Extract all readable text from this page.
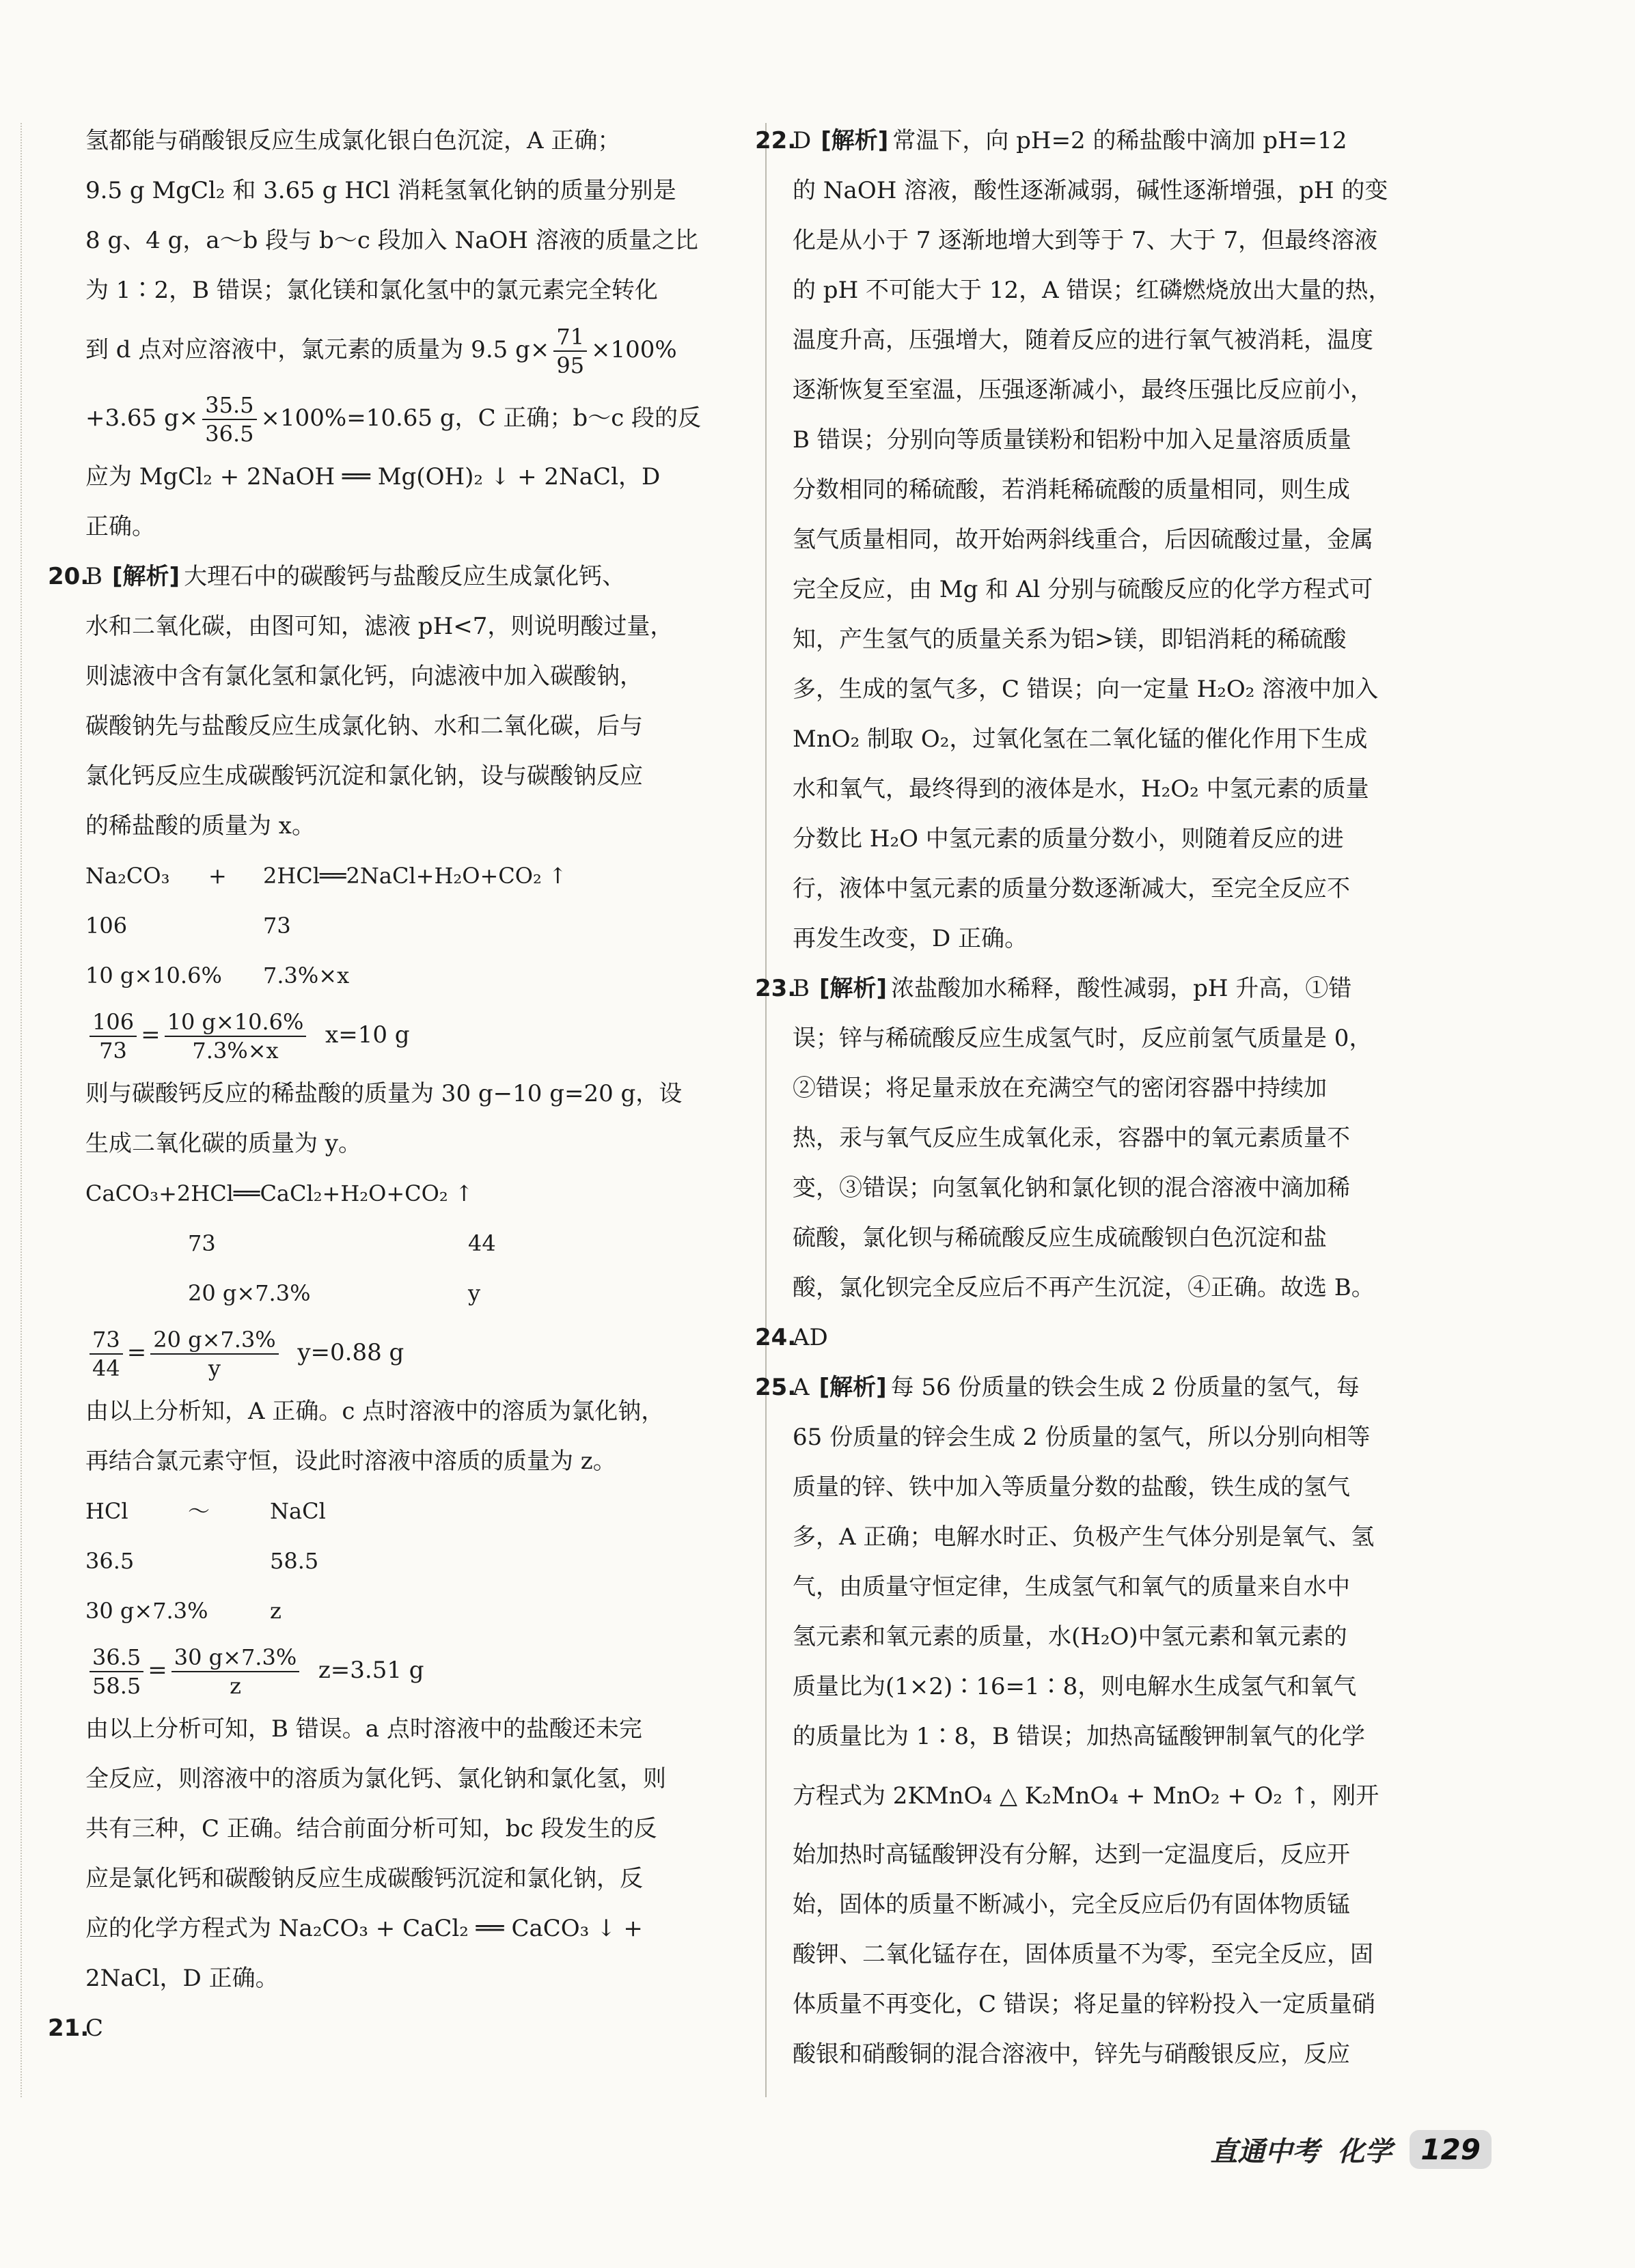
氢都能与硝酸银反应生成氯化银白色沉淀，A 正确；

9.5 g MgCl₂ 和 3.65 g HCl 消耗氢氧化钠的质量分别是

8 g、4 g，a～b 段与 b～c 段加入 NaOH 溶液的质量之比

为 1∶2，B 错误；氯化镁和氯化氢中的氯元素完全转化

到 d 点对应溶液中，氯元素的质量为 9.5 $g\times \frac{71}{95} \times 100\%$

+3.65 $g\times \frac{35.5}{36.5} \times 100\%=10.65$ g，C 正确；b～c 段的反

应为 MgCl₂ + 2NaOH ══ Mg(OH)₂ ↓ + 2NaCl，D

正确。

20.

B [解析] 大理石中的碳酸钙与盐酸反应生成氯化钙、

水和二氧化碳，由图可知，滤液 pH<7，则说明酸过量，

则滤液中含有氯化氢和氯化钙，向滤液中加入碳酸钠，

碳酸钠先与盐酸反应生成氯化钠、水和二氧化碳，后与

氯化钙反应生成碳酸钙沉淀和氯化钠，设与碳酸钠反应

的稀盐酸的质量为 x。

Na₂CO₃	+	2HCl══2NaCl+H₂O+CO₂ ↑
106	73
10 g×10.6%	7.3%×x

$\frac{106}{73} = \frac{10 g\times 10.6\%}{7.3\%\times x} x=10$ g

则与碳酸钙反应的稀盐酸的质量为 30 g−10 g=20 g，设

生成二氧化碳的质量为 y。

CaCO₃+2HCl══CaCl₂+H₂O+CO₂ ↑

73	44
20 g×7.3%	y

$\frac{73}{44} = \frac{20 g\times 7.3\%}{y} y=0.88$ g

由以上分析知，A 正确。c 点时溶液中的溶质为氯化钠，

再结合氯元素守恒，设此时溶液中溶质的质量为 z。

HCl	～	NaCl
36.5	58.5
30 g×7.3%	z

$\frac{36.5}{58.5} = \frac{30 g\times 7.3\%}{z} z=3.51$ g

由以上分析可知，B 错误。a 点时溶液中的盐酸还未完

全反应，则溶液中的溶质为氯化钙、氯化钠和氯化氢，则

共有三种，C 正确。结合前面分析可知，bc 段发生的反

应是氯化钙和碳酸钠反应生成碳酸钙沉淀和氯化钠，反

应的化学方程式为 Na₂CO₃ + CaCl₂ ══ CaCO₃ ↓ +

2NaCl，D 正确。

21.

C

22.

D [解析] 常温下，向 pH=2 的稀盐酸中滴加 pH=12

的 NaOH 溶液，酸性逐渐减弱，碱性逐渐增强，pH 的变

化是从小于 7 逐渐地增大到等于 7、大于 7，但最终溶液

的 pH 不可能大于 12，A 错误；红磷燃烧放出大量的热，

温度升高，压强增大，随着反应的进行氧气被消耗，温度

逐渐恢复至室温，压强逐渐减小，最终压强比反应前小，

B 错误；分别向等质量镁粉和铝粉中加入足量溶质质量

分数相同的稀硫酸，若消耗稀硫酸的质量相同，则生成

氢气质量相同，故开始两斜线重合，后因硫酸过量，金属

完全反应，由 Mg 和 Al 分别与硫酸反应的化学方程式可

知，产生氢气的质量关系为铝>镁，即铝消耗的稀硫酸

多，生成的氢气多，C 错误；向一定量 H₂O₂ 溶液中加入

MnO₂ 制取 O₂，过氧化氢在二氧化锰的催化作用下生成

水和氧气，最终得到的液体是水，H₂O₂ 中氢元素的质量

分数比 H₂O 中氢元素的质量分数小，则随着反应的进

行，液体中氢元素的质量分数逐渐减大，至完全反应不

再发生改变，D 正确。

23.

B [解析] 浓盐酸加水稀释，酸性减弱，pH 升高，①错

误；锌与稀硫酸反应生成氢气时，反应前氢气质量是 0，

②错误；将足量汞放在充满空气的密闭容器中持续加

热，汞与氧气反应生成氧化汞，容器中的氧元素质量不

变，③错误；向氢氧化钠和氯化钡的混合溶液中滴加稀

硫酸，氯化钡与稀硫酸反应生成硫酸钡白色沉淀和盐

酸，氯化钡完全反应后不再产生沉淀，④正确。故选 B。

24.

AD

25.

A [解析] 每 56 份质量的铁会生成 2 份质量的氢气，每

65 份质量的锌会生成 2 份质量的氢气，所以分别向相等

质量的锌、铁中加入等质量分数的盐酸，铁生成的氢气

多，A 正确；电解水时正、负极产生气体分别是氧气、氢

气，由质量守恒定律，生成氢气和氧气的质量来自水中

氢元素和氧元素的质量，水(H₂O)中氢元素和氧元素的

质量比为(1×2)∶16=1∶8，则电解水生成氢气和氧气

的质量比为 1∶8，B 错误；加热高锰酸钾制氧气的化学

方程式为 2KMnO₄ △ K₂MnO₄ + MnO₂ + O₂ ↑，刚开

始加热时高锰酸钾没有分解，达到一定温度后，反应开

始，固体的质量不断减小，完全反应后仍有固体物质锰

酸钾、二氧化锰存在，固体质量不为零，至完全反应，固

体质量不再变化，C 错误；将足量的锌粉投入一定质量硝

酸银和硝酸铜的混合溶液中，锌先与硝酸银反应，反应

直通中考 化学	129
